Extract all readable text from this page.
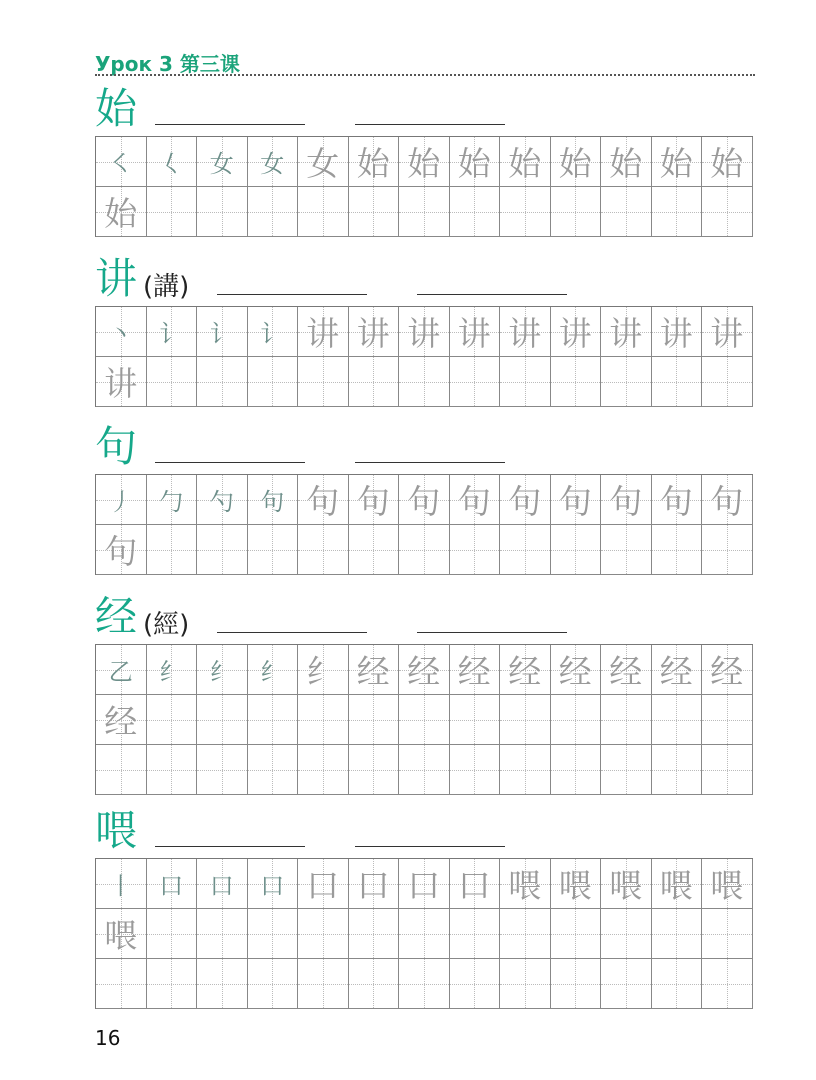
Урок 3 第三课
始
㇛	𡿨	女	女 女 始 始 始 始 始 始 始 始
始
讲 (講)
丶	讠	讠	讠 讲 讲 讲 讲 讲 讲 讲 讲 讲
讲
句
丿	勹	勺	句 句 句 句 句 句 句 句 句 句
句
经 (經)
乙	纟	纟	纟 纟 经 经 经 经 经 经 经 经
经
喂
丨	口	口	口 口 口 口 口 喂 喂 喂 喂 喂
喂
16
